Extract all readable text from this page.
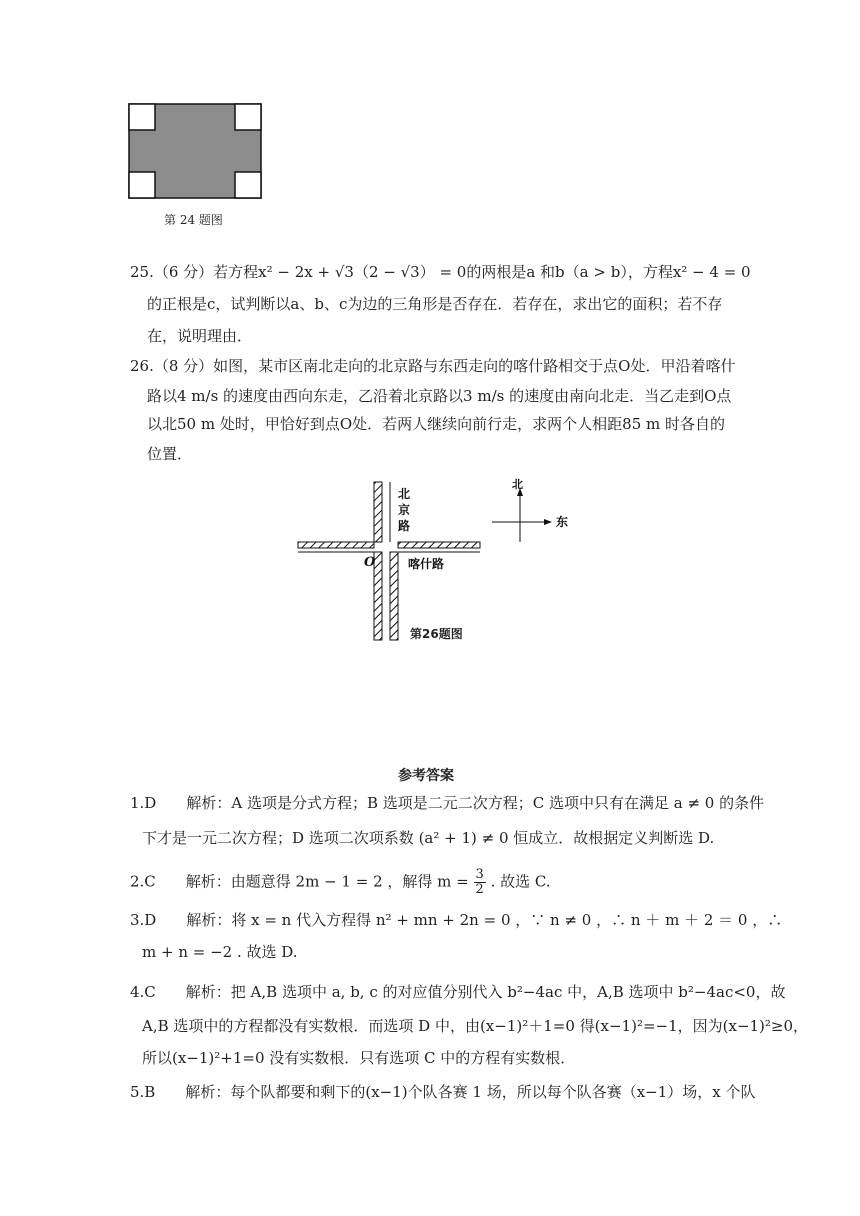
第 24 题图
25.（6 分）若方程x² − 2x + √3（2 − √3） = 0的两根是a 和b（a > b），方程x² − 4 = 0
的正根是c，试判断以a、b、c为边的三角形是否存在．若存在，求出它的面积；若不存
在，说明理由．
26.（8 分）如图，某市区南北走向的北京路与东西走向的喀什路相交于点O处．甲沿着喀什
路以4 m/s 的速度由西向东走，乙沿着北京路以3 m/s 的速度由南向北走．当乙走到O点
以北50 m 处时，甲恰好到点O处．若两人继续向前行走，求两个人相距85 m 时各自的
位置．
北
京
路
O	喀什路
北
东
第26题图
参考答案
1.D　　解析：A 选项是分式方程；B 选项是二元二次方程；C 选项中只有在满足 a ≠ 0 的条件
下才是一元二次方程；D 选项二次项系数 (a² + 1) ≠ 0 恒成立．故根据定义判断选 D.
2.C　　解析：由题意得 2m − 1 = 2 ，解得 $m = \frac{3}{2}$ . 故选 C.
3.D　　解析：将 x = n 代入方程得 n² + mn + 2n = 0 ，∵ n ≠ 0 ，∴ n ＋ m ＋ 2 ＝ 0 ，∴
m + n = −2 . 故选 D.
4.C　　解析：把 A,B 选项中 a, b, c 的对应值分别代入 b²−4ac 中，A,B 选项中 b²−4ac<0，故
A,B 选项中的方程都没有实数根．而选项 D 中，由(x−1)²＋1=0 得(x−1)²=−1，因为(x−1)²≥0，
所以(x−1)²+1=0 没有实数根．只有选项 C 中的方程有实数根．
5.B　　解析：每个队都要和剩下的(x−1)个队各赛 1 场，所以每个队各赛（x−1）场，x 个队
